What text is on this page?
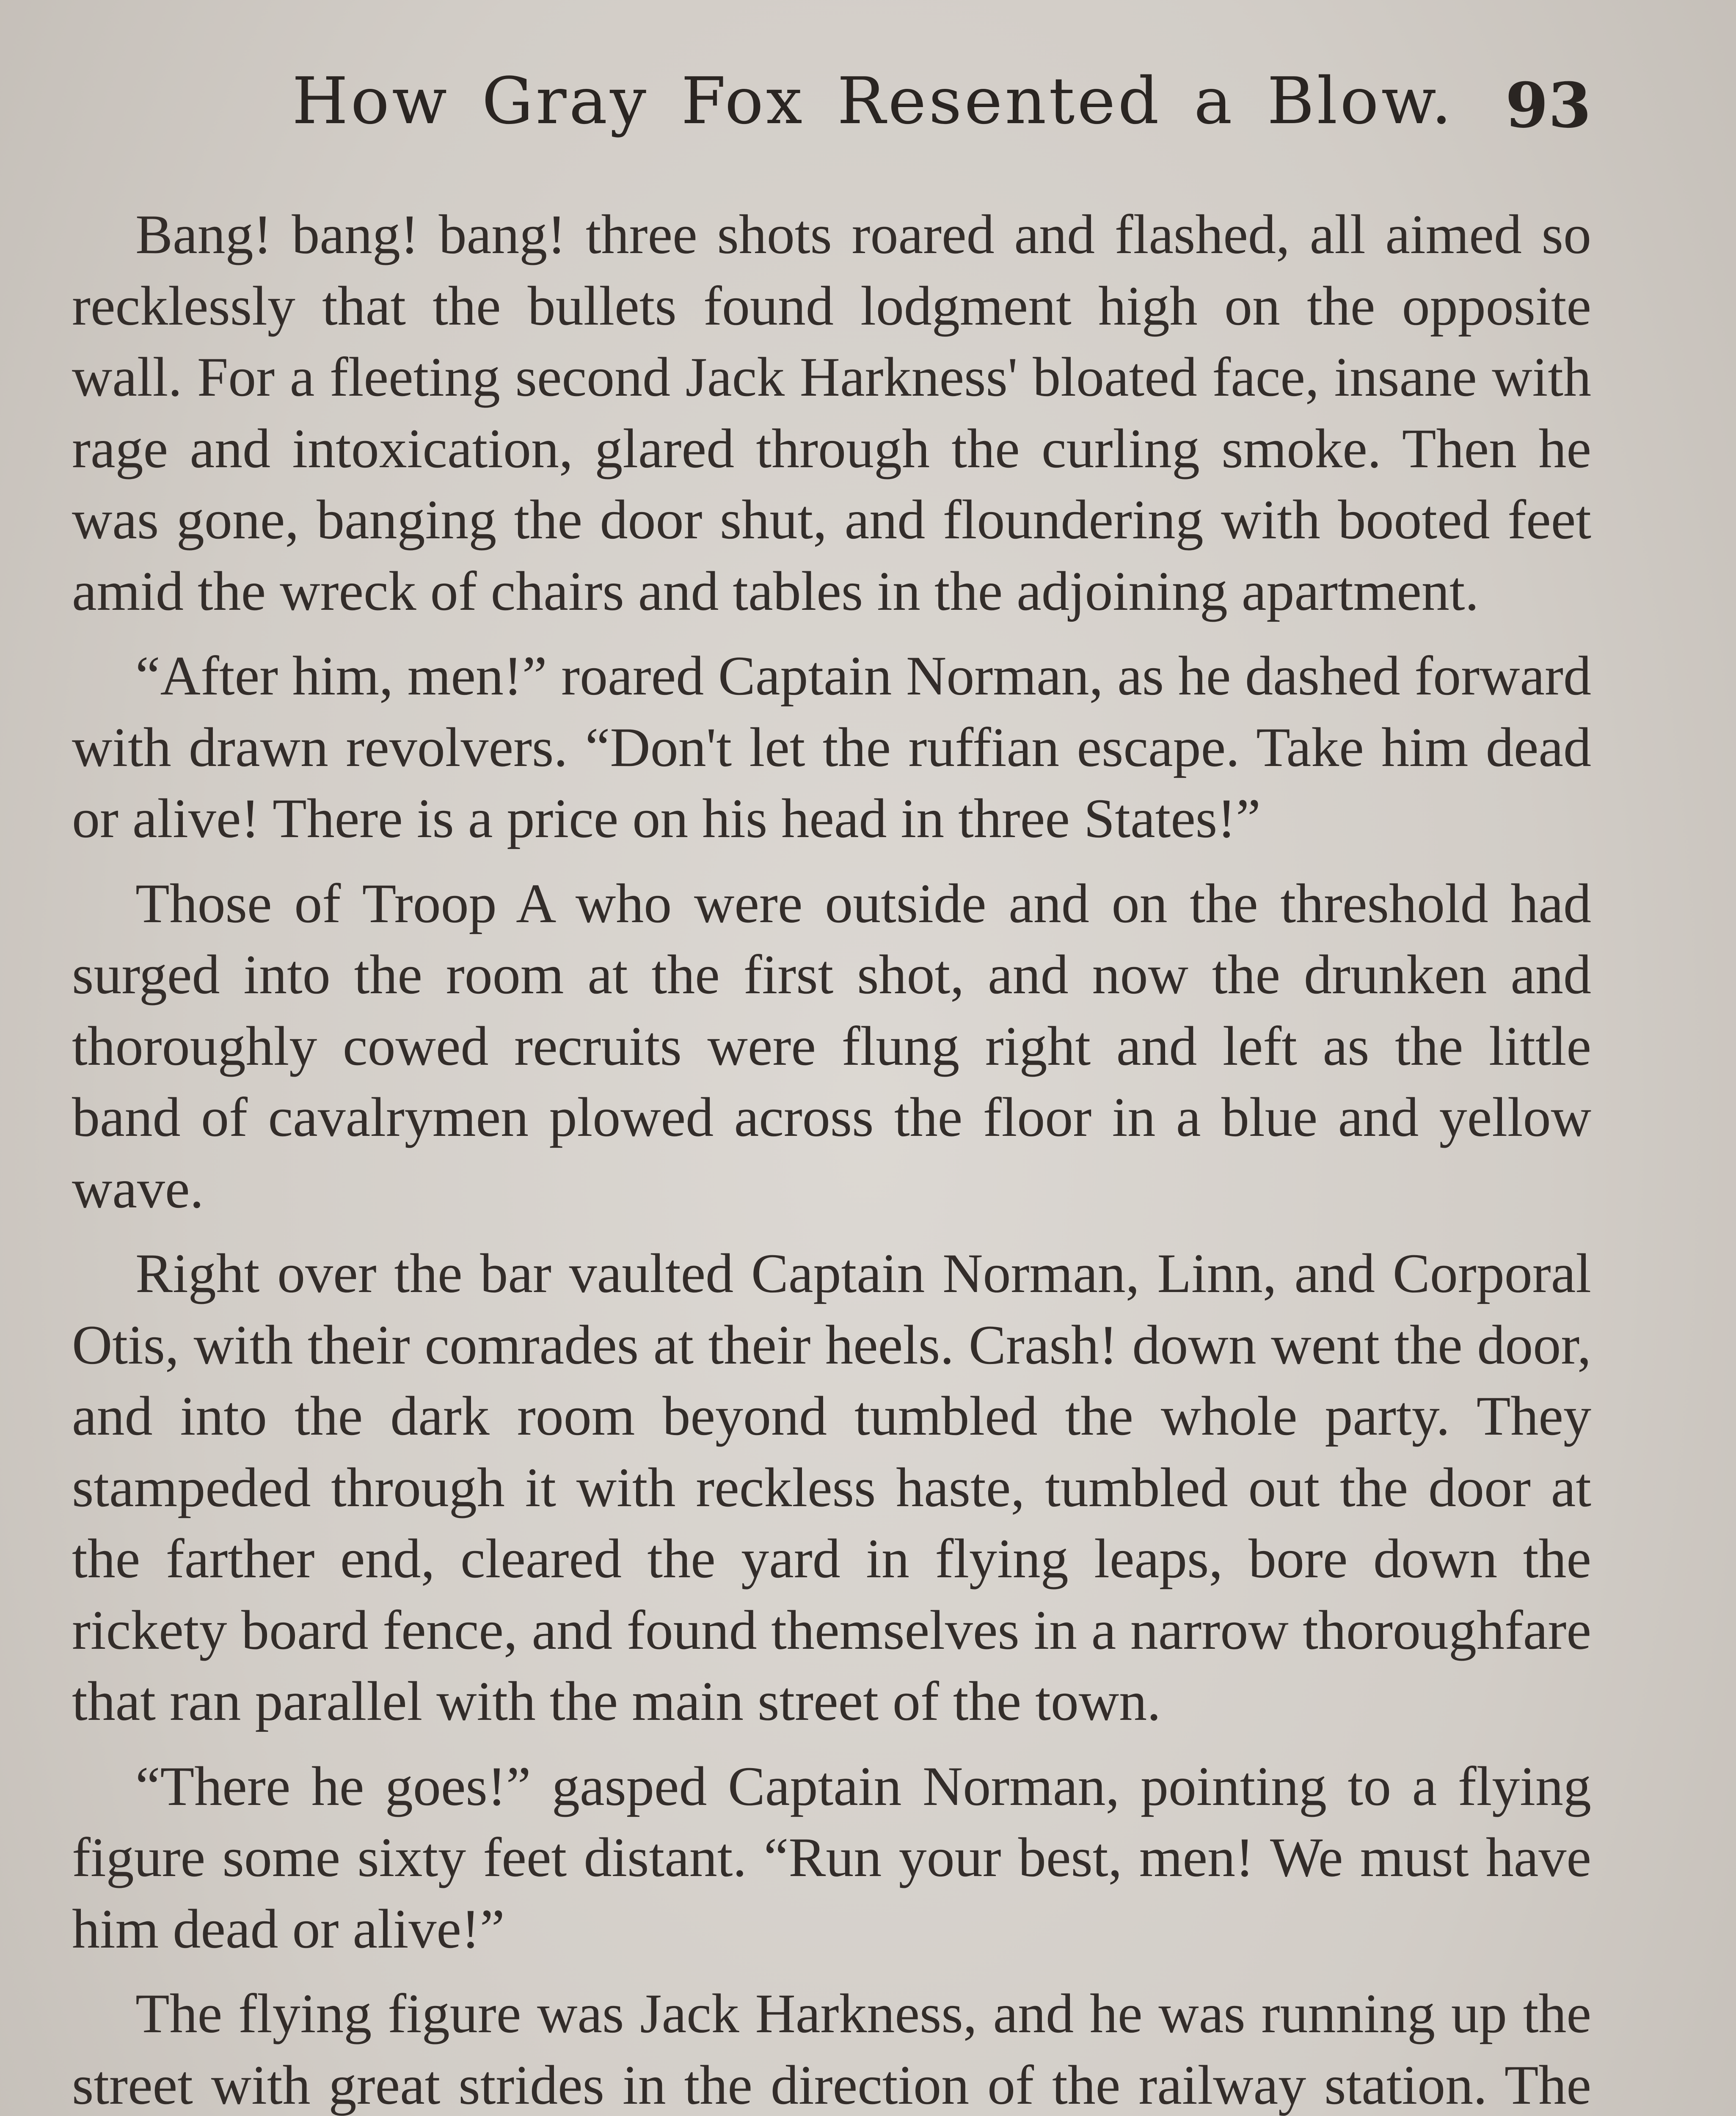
How Gray Fox Resented a Blow. 93

Bang! bang! bang! three shots roared and flashed, all aimed so recklessly that the bullets found lodgment high on the opposite wall. For a fleeting second Jack Harkness' bloated face, insane with rage and intoxication, glared through the curling smoke. Then he was gone, banging the door shut, and floundering with booted feet amid the wreck of chairs and tables in the adjoining apartment.

“After him, men!” roared Captain Norman, as he dashed forward with drawn revolvers. “Don't let the ruffian escape. Take him dead or alive! There is a price on his head in three States!”

Those of Troop A who were outside and on the threshold had surged into the room at the first shot, and now the drunken and thoroughly cowed recruits were flung right and left as the little band of cavalrymen plowed across the floor in a blue and yellow wave.

Right over the bar vaulted Captain Norman, Linn, and Corporal Otis, with their comrades at their heels. Crash! down went the door, and into the dark room beyond tumbled the whole party. They stampeded through it with reckless haste, tumbled out the door at the farther end, cleared the yard in flying leaps, bore down the rickety board fence, and found themselves in a narrow thoroughfare that ran parallel with the main street of the town.

“There he goes!” gasped Captain Norman, pointing to a flying figure some sixty feet distant. “Run your best, men! We must have him dead or alive!”

The flying figure was Jack Harkness, and he was running up the street with great strides in the direction of the railway station. The
